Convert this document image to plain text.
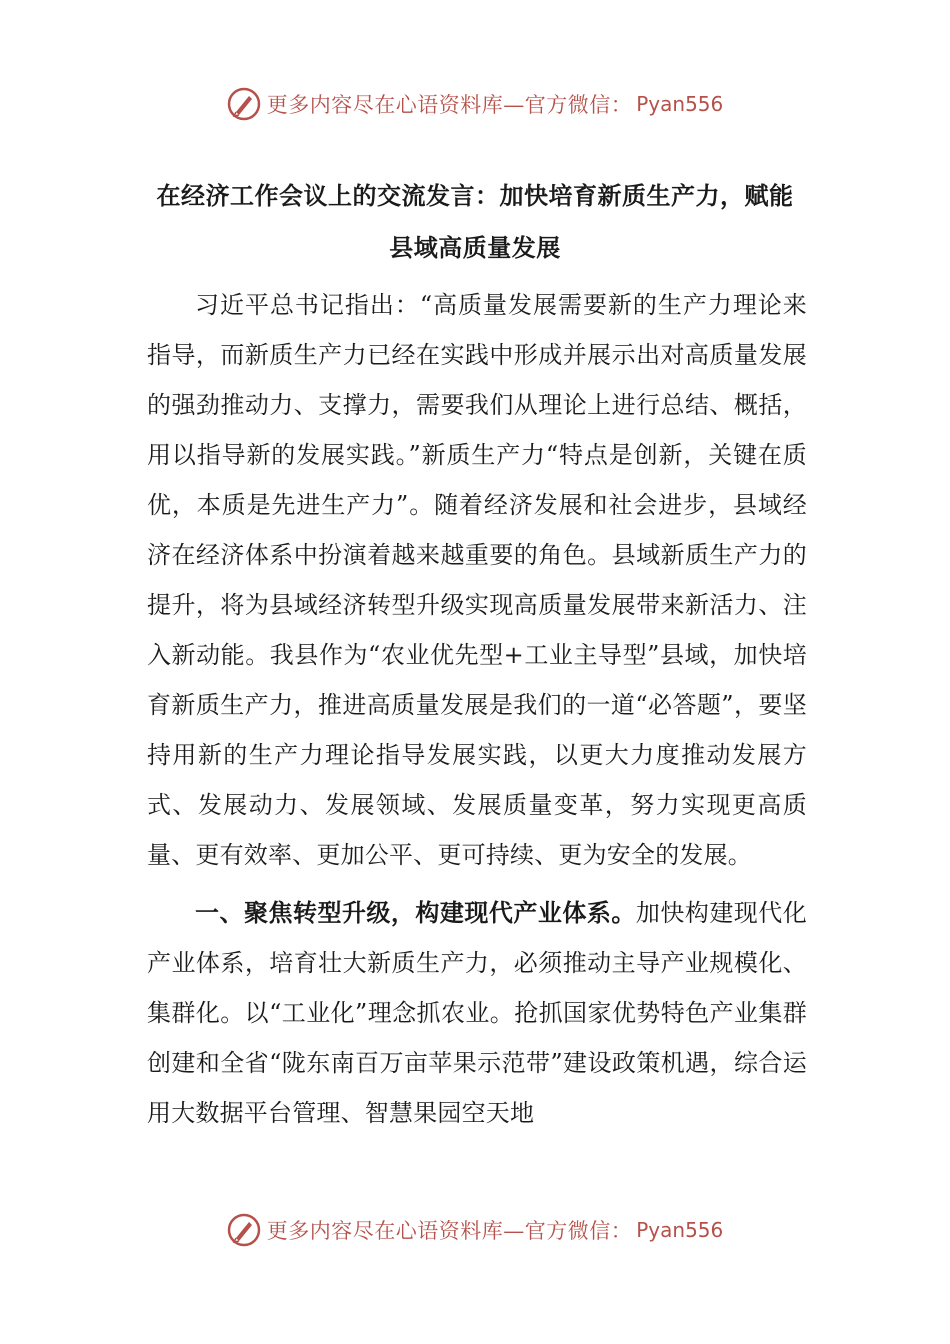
更多内容尽在心语资料库—官方微信： Pyan556
在经济工作会议上的交流发言：加快培育新质生产力，赋能县域高质量发展

习近平总书记指出：“高质量发展需要新的生产力理论来指导，而新质生产力已经在实践中形成并展示出对高质量发展的强劲推动力、支撑力，需要我们从理论上进行总结、概括，用以指导新的发展实践。”新质生产力“特点是创新，关键在质优，本质是先进生产力”。随着经济发展和社会进步，县域经济在经济体系中扮演着越来越重要的角色。县域新质生产力的提升，将为县域经济转型升级实现高质量发展带来新活力、注入新动能。我县作为“农业优先型+工业主导型”县域，加快培育新质生产力，推进高质量发展是我们的一道“必答题”，要坚持用新的生产力理论指导发展实践，以更大力度推动发展方式、发展动力、发展领域、发展质量变革，努力实现更高质量、更有效率、更加公平、更可持续、更为安全的发展。

一、聚焦转型升级，构建现代产业体系。加快构建现代化产业体系，培育壮大新质生产力，必须推动主导产业规模化、集群化。以“工业化”理念抓农业。抢抓国家优势特色产业集群创建和全省“陇东南百万亩苹果示范带”建设政策机遇，综合运用大数据平台管理、智慧果园空天地

更多内容尽在心语资料库—官方微信： Pyan556
